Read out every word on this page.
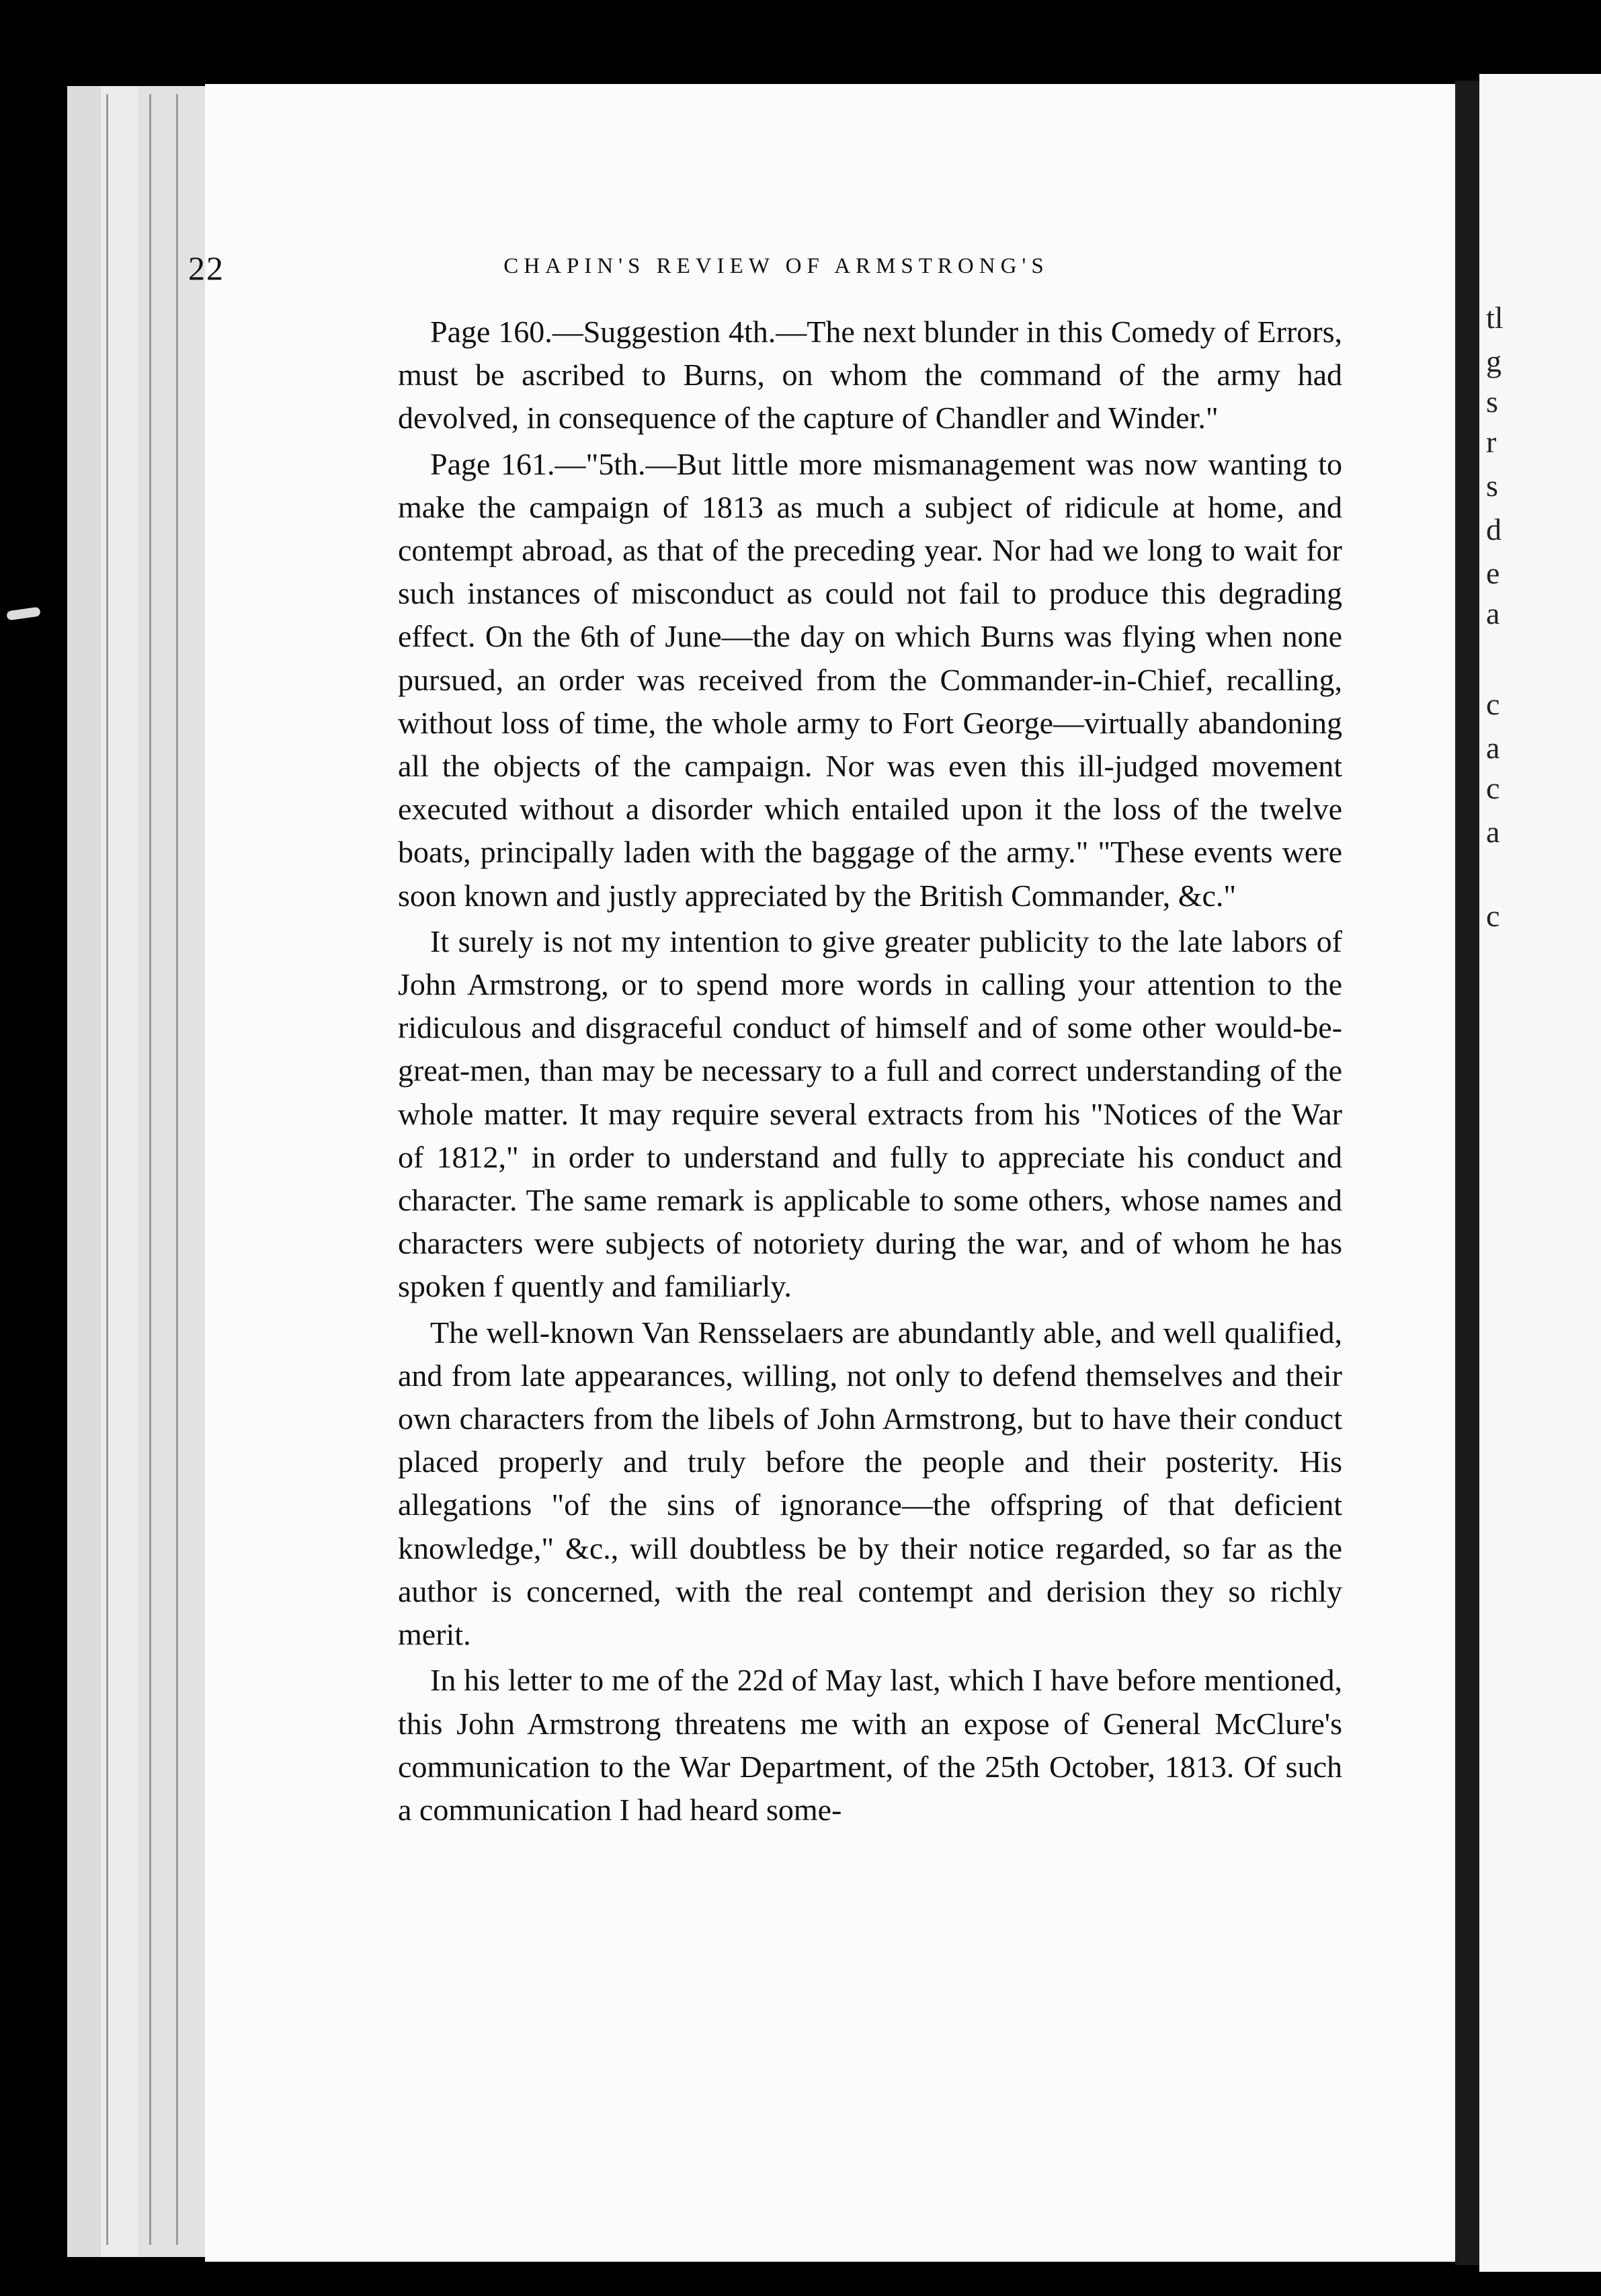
tl
g
s
r
s
d
e
a
c
a
c
a
c
22	CHAPIN'S REVIEW OF ARMSTRONG'S

Page 160.—Suggestion 4th.—The next blunder in this Comedy of Errors, must be ascribed to Burns, on whom the command of the army had devolved, in consequence of the capture of Chandler and Winder."

Page 161.—"5th.—But little more mismanagement was now wanting to make the campaign of 1813 as much a subject of ridicule at home, and contempt abroad, as that of the preceding year. Nor had we long to wait for such instances of misconduct as could not fail to produce this degrading effect. On the 6th of June—the day on which Burns was flying when none pursued, an order was received from the Commander-in-Chief, recalling, without loss of time, the whole army to Fort George—virtually abandoning all the objects of the campaign. Nor was even this ill-judged movement executed without a disorder which entailed upon it the loss of the twelve boats, principally laden with the baggage of the army." "These events were soon known and justly appreciated by the British Commander, &c."

It surely is not my intention to give greater publicity to the late labors of John Armstrong, or to spend more words in calling your attention to the ridiculous and disgraceful conduct of himself and of some other would-be-great-men, than may be necessary to a full and correct understanding of the whole matter. It may require several extracts from his "Notices of the War of 1812," in order to understand and fully to appreciate his conduct and character. The same remark is applicable to some others, whose names and characters were subjects of notoriety during the war, and of whom he has spoken f quently and familiarly.

The well-known Van Rensselaers are abundantly able, and well qualified, and from late appearances, willing, not only to defend themselves and their own characters from the libels of John Armstrong, but to have their conduct placed properly and truly before the people and their posterity. His allegations "of the sins of ignorance—the offspring of that deficient knowledge," &c., will doubtless be by their notice regarded, so far as the author is concerned, with the real contempt and derision they so richly merit.

In his letter to me of the 22d of May last, which I have before mentioned, this John Armstrong threatens me with an expose of General McClure's communication to the War Department, of the 25th October, 1813. Of such a communication I had heard some-
